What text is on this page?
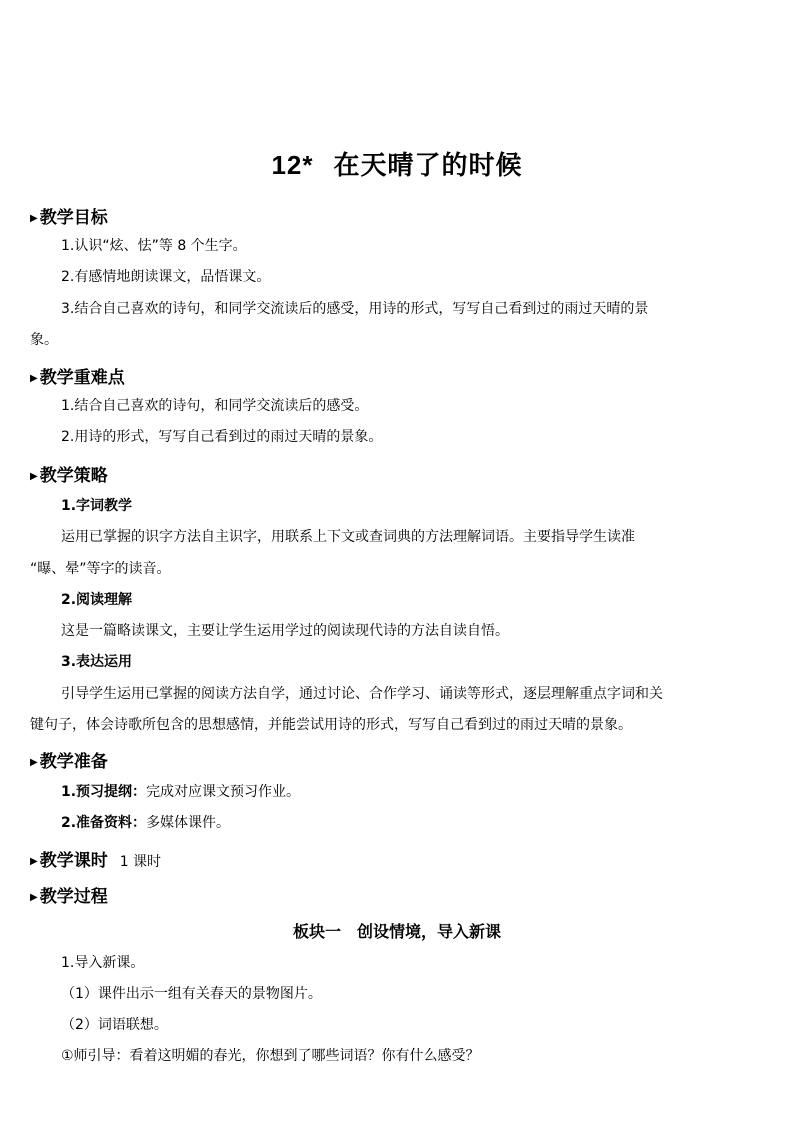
12* 在天晴了的时候
▶ 教学目标
1.认识“炫、怯”等 8 个生字。
2.有感情地朗读课文，品悟课文。
3.结合自己喜欢的诗句，和同学交流读后的感受，用诗的形式，写写自己看到过的雨过天晴的景
象。
▶ 教学重难点
1.结合自己喜欢的诗句，和同学交流读后的感受。
2.用诗的形式，写写自己看到过的雨过天晴的景象。
▶ 教学策略
1.字词教学
运用已掌握的识字方法自主识字，用联系上下文或查词典的方法理解词语。主要指导学生读准
“曝、晕”等字的读音。
2.阅读理解
这是一篇略读课文，主要让学生运用学过的阅读现代诗的方法自读自悟。
3.表达运用
引导学生运用已掌握的阅读方法自学，通过讨论、合作学习、诵读等形式，逐层理解重点字词和关
键句子，体会诗歌所包含的思想感情，并能尝试用诗的形式，写写自己看到过的雨过天晴的景象。
▶ 教学准备
1.预习提纲：完成对应课文预习作业。
2.准备资料：多媒体课件。
▶ 教学课时 1 课时
▶ 教学过程
板块一　创设情境，导入新课
1.导入新课。
（1）课件出示一组有关春天的景物图片。
（2）词语联想。
①师引导：看着这明媚的春光，你想到了哪些词语？你有什么感受？
